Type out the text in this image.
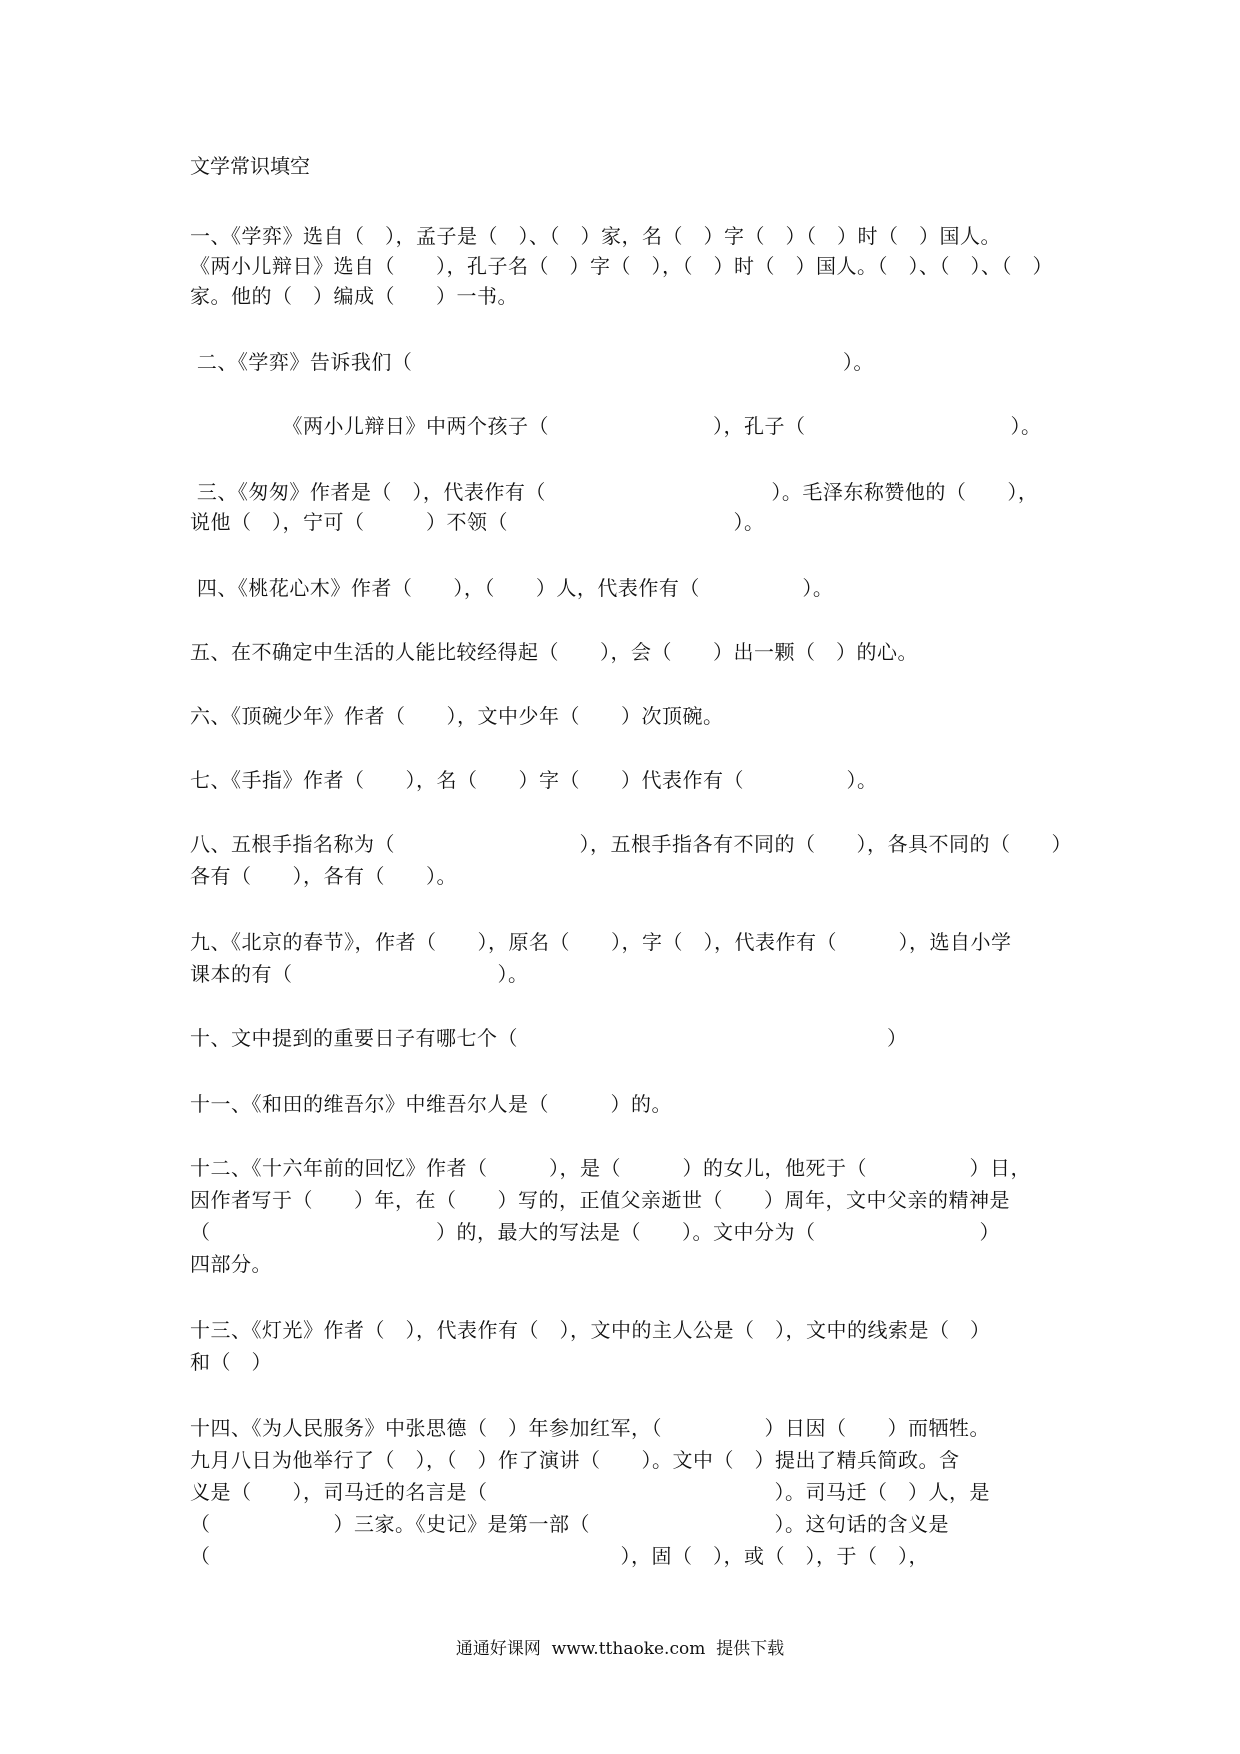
文学常识填空
一、《学弈》选自（　），孟子是（　）、（　）家，名（　）字（　）（　）时（　）国人。
《两小儿辩日》选自（　　），孔子名（　）字（　），（　）时（　）国人。（　）、（　）、（　）
家。他的（　）编成（　　）一书。
二、《学弈》告诉我们（　　　　　　　　　　　　　　　　　　　　　）。
　　　　　《两小儿辩日》中两个孩子（　　　　　　　　），孔子（　　　　　　　　　　）。
三、《匆匆》作者是（　），代表作有（　　　　　　　　　　　）。毛泽东称赞他的（　　），
说他（　），宁可（　　　）不领（　　　　　　　　　　　）。
四、《桃花心木》作者（　　），（　　）人，代表作有（　　　　　）。
五、在不确定中生活的人能比较经得起（　　），会（　　）出一颗（　）的心。
六、《顶碗少年》作者（　　），文中少年（　　）次顶碗。
七、《手指》作者（　　），名（　　）字（　　）代表作有（　　　　　）。
八、五根手指名称为（　　　　　　　　　），五根手指各有不同的（　　），各具不同的（　　）
各有（　　），各有（　　）。
九、《北京的春节》，作者（　　），原名（　　），字（　），代表作有（　　　），选自小学
课本的有（　　　　　　　　　　）。
十、文中提到的重要日子有哪七个（　　　　　　　　　　　　　　　　　　）
十一、《和田的维吾尔》中维吾尔人是（　　　）的。
十二、《十六年前的回忆》作者（　　　），是（　　　）的女儿，他死于（　　　　　）日，
因作者写于（　　）年，在（　　）写的，正值父亲逝世（　　）周年，文中父亲的精神是
（　　　　　　　　　　　）的，最大的写法是（　　）。文中分为（　　　　　　　　）
四部分。
十三、《灯光》作者（　），代表作有（　），文中的主人公是（　），文中的线索是（　）
和（　）
十四、《为人民服务》中张思德（　）年参加红军，（　　　　　）日因（　　）而牺牲。
九月八日为他举行了（　），（　）作了演讲（　　）。文中（　）提出了精兵简政。含
义是（　　），司马迁的名言是（　　　　　　　　　　　　　　）。司马迁（　）人，是
（　　　　　　）三家。《史记》是第一部（　　　　　　　　　）。这句话的含义是
（　　　　　　　　　　　　　　　　　　　　），固（　），或（　），于（　），
通通好课网  www.tthaoke.com  提供下载
